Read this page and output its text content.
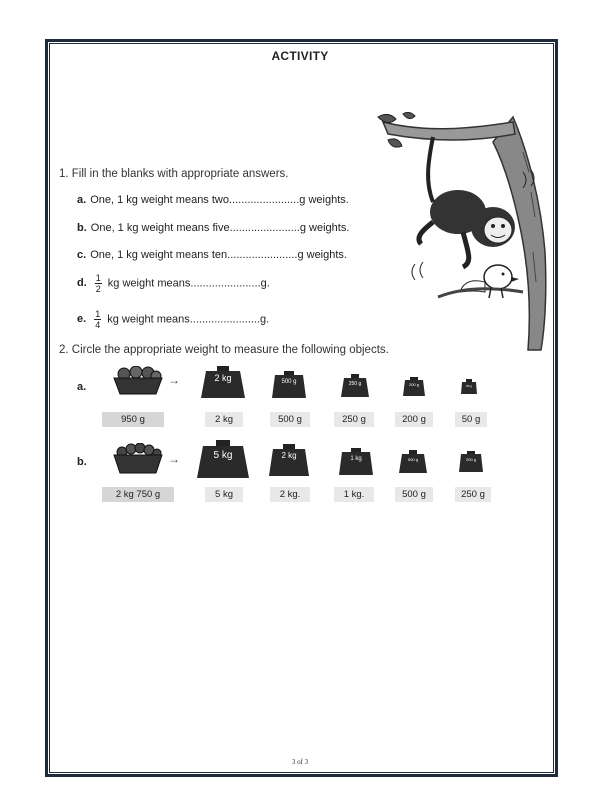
ACTIVITY
1. Fill in the blanks with appropriate answers.
a. One, 1 kg weight means two.......................g weights.
b. One, 1 kg weight means five.......................g weights.
c. One, 1 kg weight means ten.......................g weights.
d. $\frac{1}{2}$ kg weight means.......................g.
e. $\frac{1}{4}$ kg weight means.......................g.
2. Circle the appropriate weight to measure the following objects.
a.	→	2 kg	500 g	250 g	200 g	50 g
950 g	2 kg	500 g	250 g	200 g	50 g
b.	→	5 kg	2 kg	1 kg	500 g	200 g
2 kg 750 g	5 kg	2 kg.	1 kg.	500 g	250 g
3 of 3
